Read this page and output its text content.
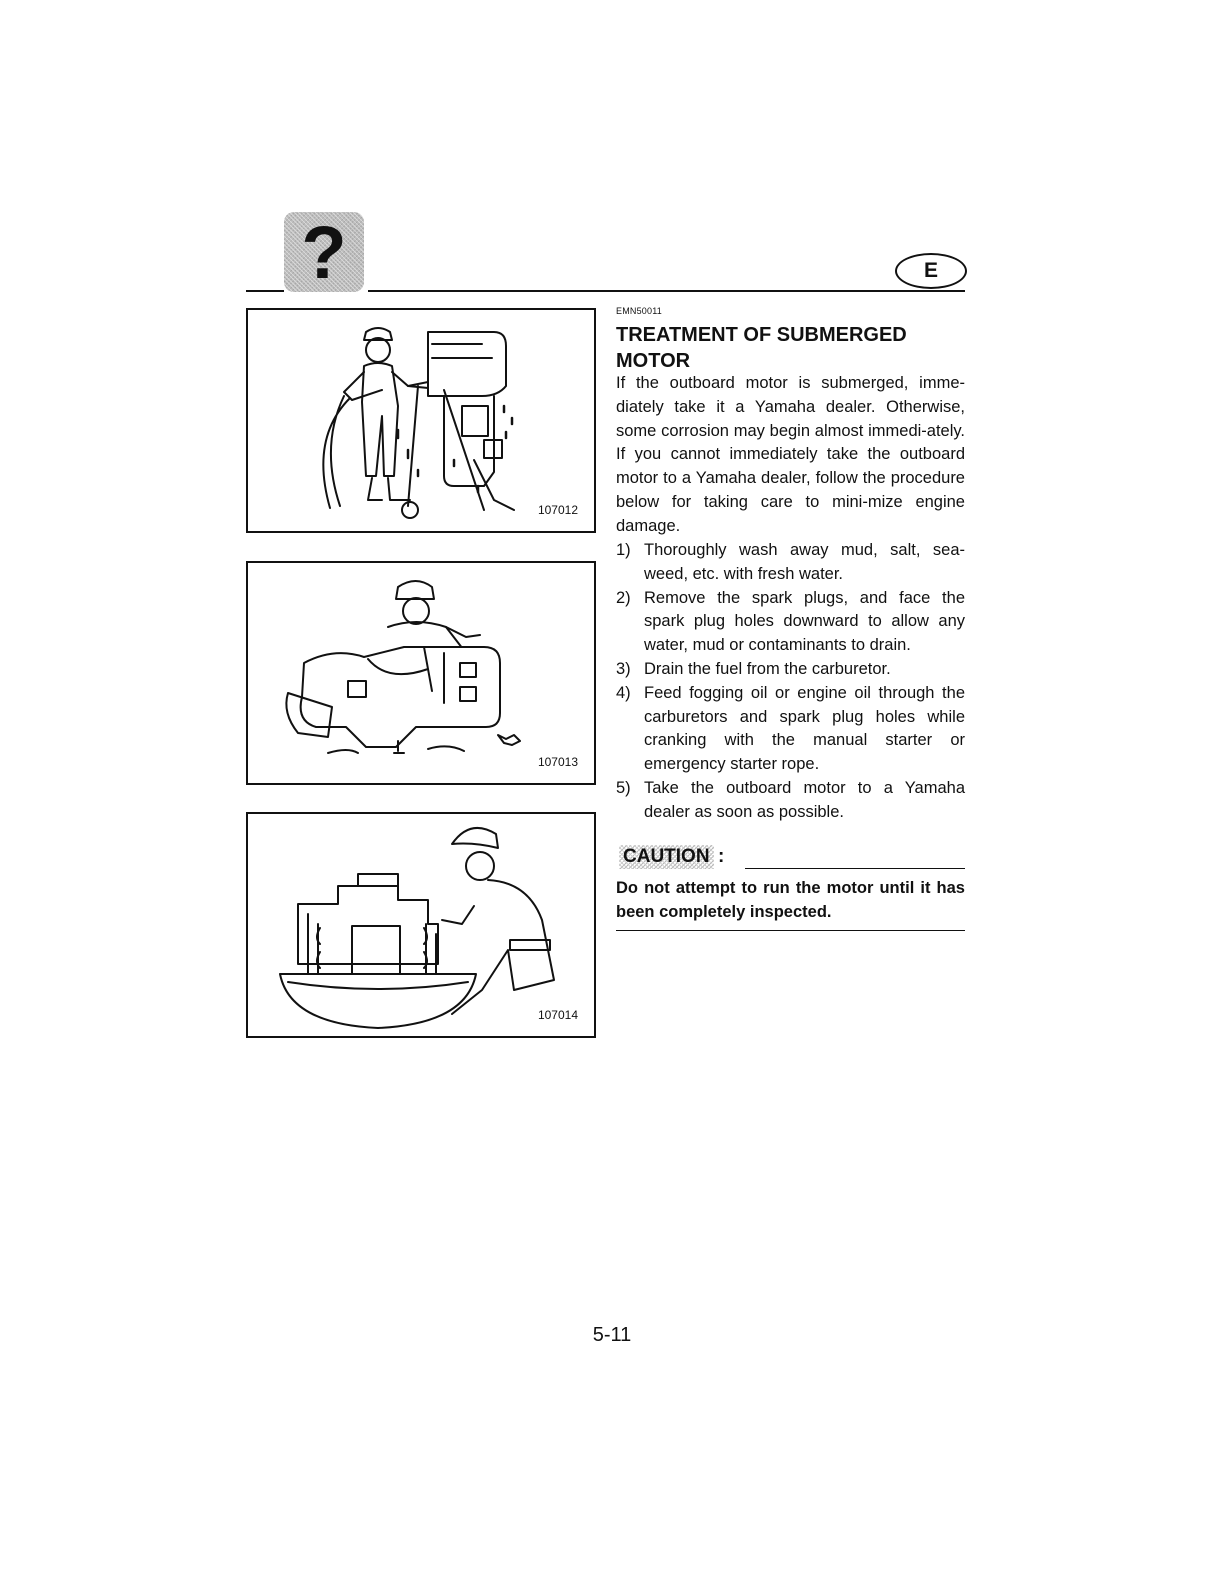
?	E
107012
107013
107014
EMN50011
TREATMENT OF SUBMERGED MOTOR

If the outboard motor is submerged, imme-diately take it a Yamaha dealer. Otherwise, some corrosion may begin almost immedi-ately. If you cannot immediately take the outboard motor to a Yamaha dealer, follow the procedure below for taking care to mini-mize engine damage.

1) Thoroughly wash away mud, salt, sea-weed, etc. with fresh water.
2) Remove the spark plugs, and face the spark plug holes downward to allow any water, mud or contaminants to drain.
3) Drain the fuel from the carburetor.
4) Feed fogging oil or engine oil through the carburetors and spark plug holes while cranking with the manual starter or emergency starter rope.
5) Take the outboard motor to a Yamaha dealer as soon as possible.
CAUTION :

Do not attempt to run the motor until it has been completely inspected.

5-11
